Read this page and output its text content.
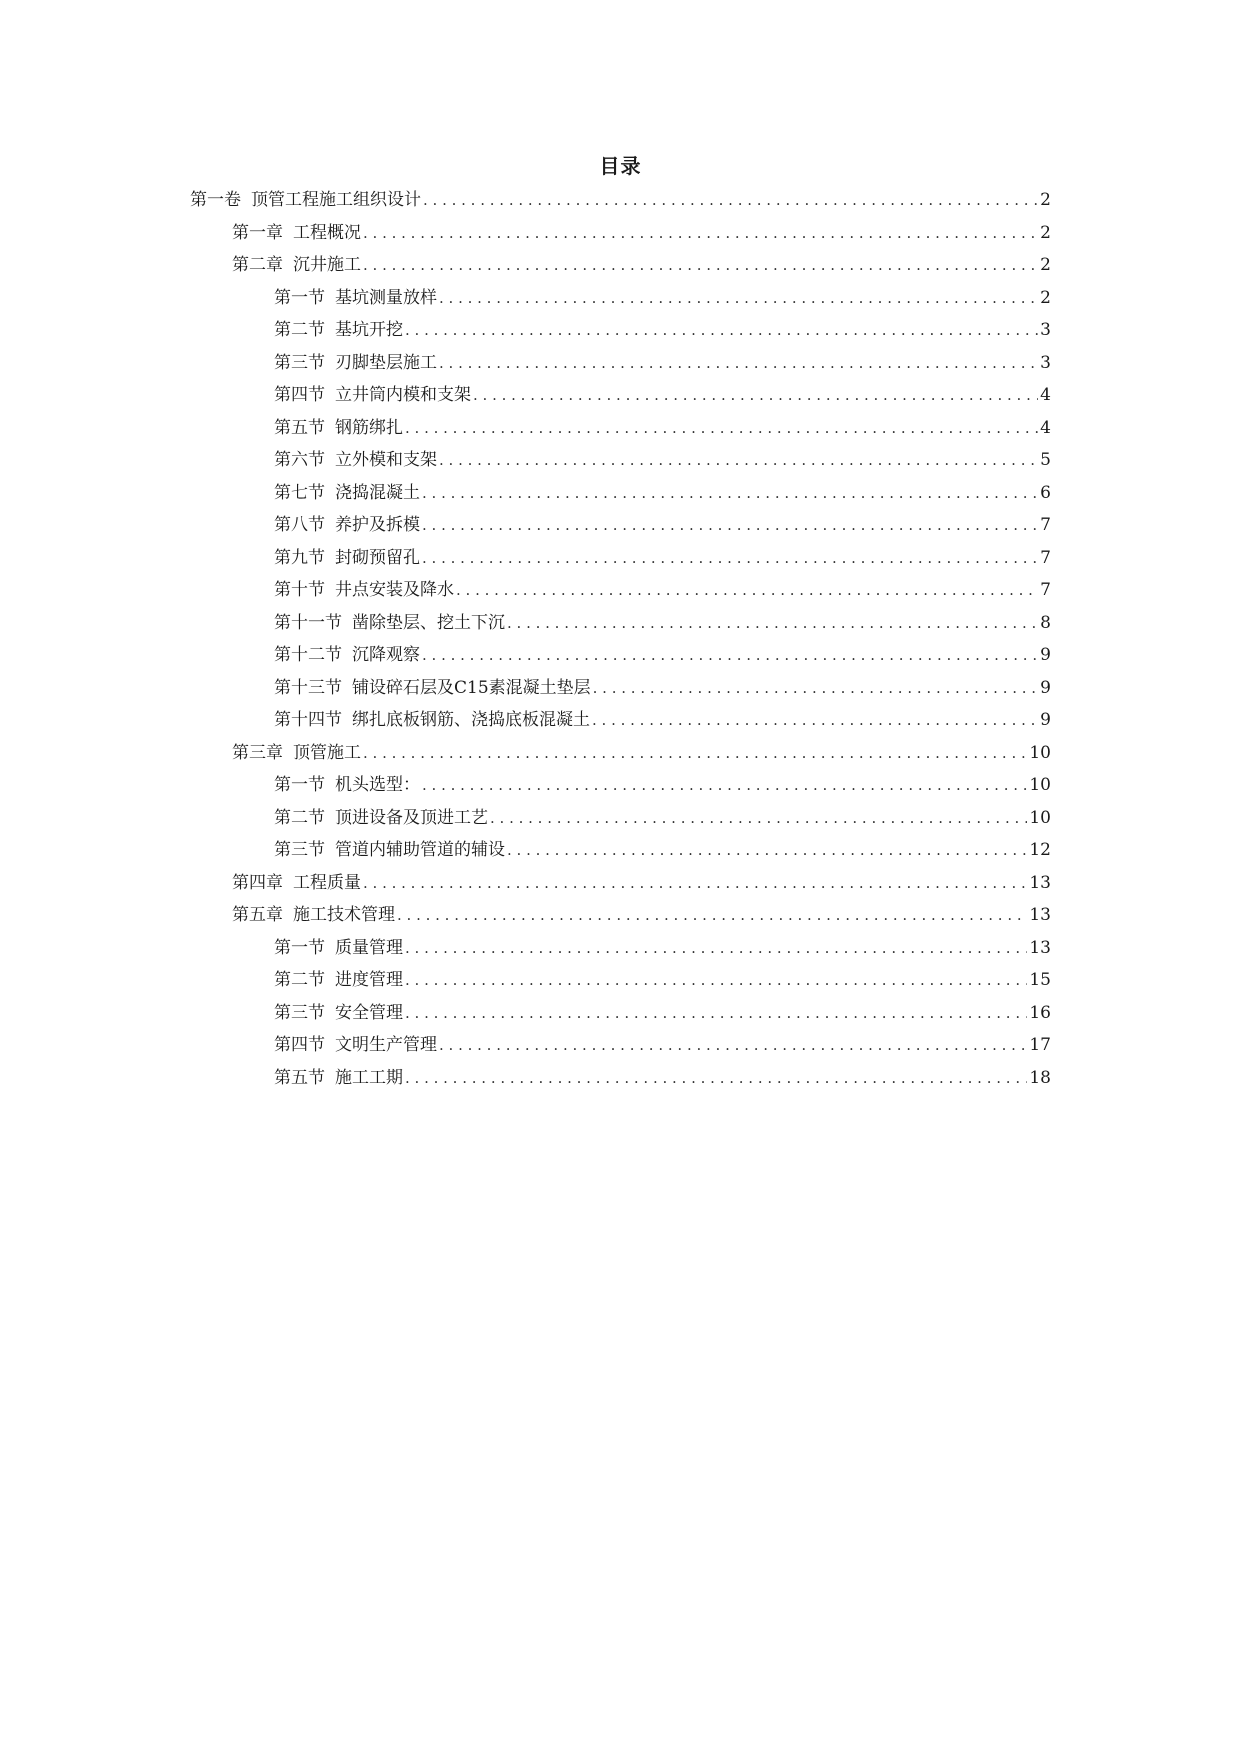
目录
第一卷 顶管工程施工组织设计 . . .	2
第一章 工程概况 . . .	2
第二章 沉井施工 . . .	2
第一节 基坑测量放样 . . .	2
第二节 基坑开挖 . . .	3
第三节 刃脚垫层施工 . . .	3
第四节 立井筒内模和支架 . . .	4
第五节 钢筋绑扎 . . .	4
第六节 立外模和支架 . . .	5
第七节 浇捣混凝土 . . .	6
第八节 养护及拆模 . . .	7
第九节 封砌预留孔 . . .	7
第十节 井点安装及降水 . . .	7
第十一节 凿除垫层、挖土下沉 . . .	8
第十二节 沉降观察 . . .	9
第十三节 铺设碎石层及C15素混凝土垫层 . . .	9
第十四节 绑扎底板钢筋、浇捣底板混凝土 . . .	9
第三章 顶管施工 . . .	10
第一节 机头选型： . . .	10
第二节 顶进设备及顶进工艺 . . .	10
第三节 管道内辅助管道的辅设 . . .	12
第四章 工程质量 . . .	13
第五章 施工技术管理 . . .	13
第一节 质量管理 . . .	13
第二节 进度管理 . . .	15
第三节 安全管理 . . .	16
第四节 文明生产管理 . . .	17
第五节 施工工期 . . .	18
